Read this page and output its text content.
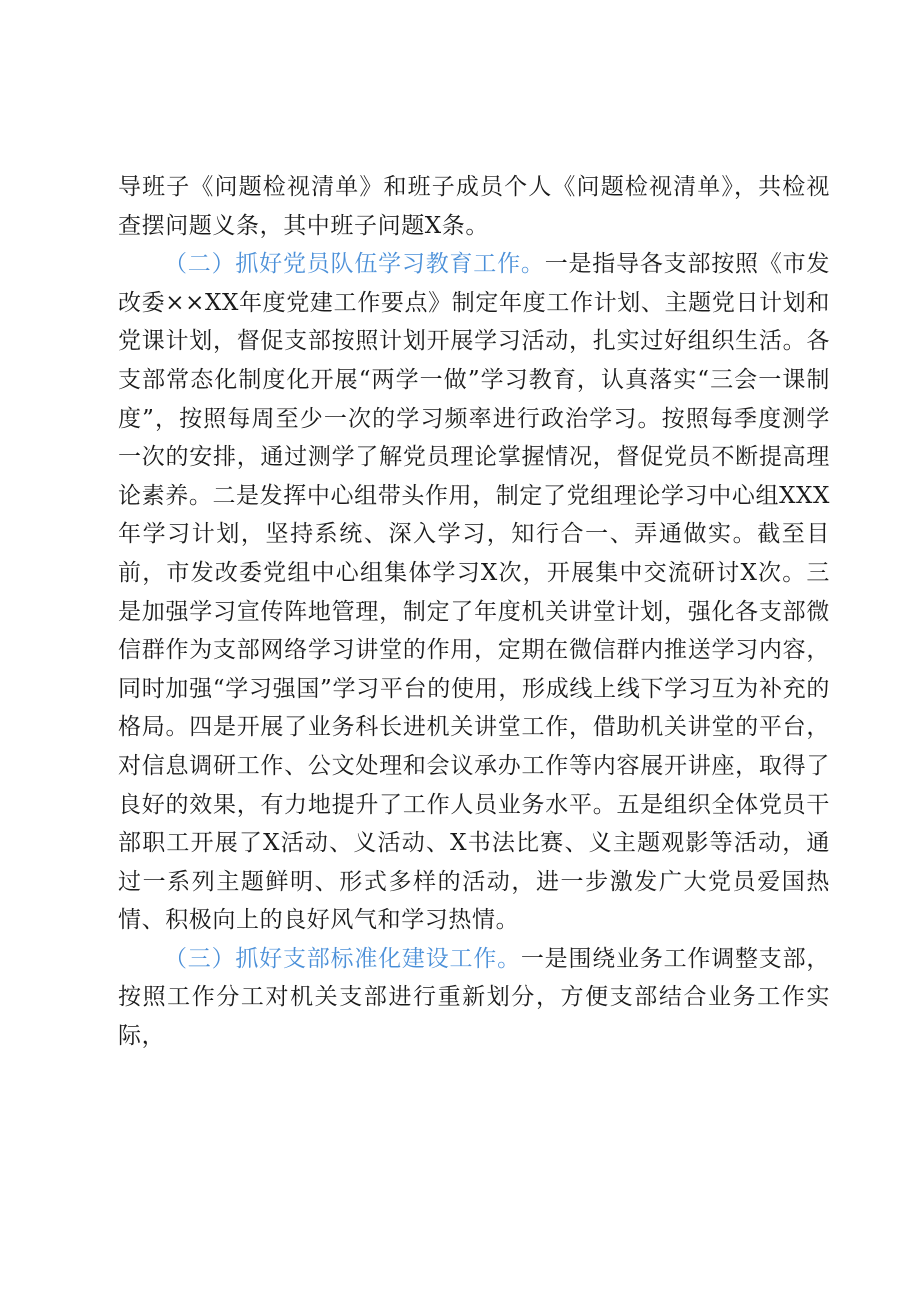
导班子《问题检视清单》和班子成员个人《问题检视清单》，共检视查摆问题义条，其中班子问题X条。

（二）抓好党员队伍学习教育工作。一是指导各支部按照《市发改委××XX年度党建工作要点》制定年度工作计划、主题党日计划和党课计划，督促支部按照计划开展学习活动，扎实过好组织生活。各支部常态化制度化开展“两学一做”学习教育，认真落实“三会一课制度”，按照每周至少一次的学习频率进行政治学习。按照每季度测学一次的安排，通过测学了解党员理论掌握情况，督促党员不断提高理论素养。二是发挥中心组带头作用，制定了党组理论学习中心组XXX年学习计划，坚持系统、深入学习，知行合一、弄通做实。截至目前，市发改委党组中心组集体学习X次，开展集中交流研讨X次。三是加强学习宣传阵地管理，制定了年度机关讲堂计划，强化各支部微信群作为支部网络学习讲堂的作用，定期在微信群内推送学习内容，同时加强“学习强国”学习平台的使用，形成线上线下学习互为补充的格局。四是开展了业务科长进机关讲堂工作，借助机关讲堂的平台，对信息调研工作、公文处理和会议承办工作等内容展开讲座，取得了良好的效果，有力地提升了工作人员业务水平。五是组织全体党员干部职工开展了X活动、义活动、X书法比赛、义主题观影等活动，通过一系列主题鲜明、形式多样的活动，进一步激发广大党员爱国热情、积极向上的良好风气和学习热情。

（三）抓好支部标准化建设工作。一是围绕业务工作调整支部，按照工作分工对机关支部进行重新划分，方便支部结合业务工作实际，
